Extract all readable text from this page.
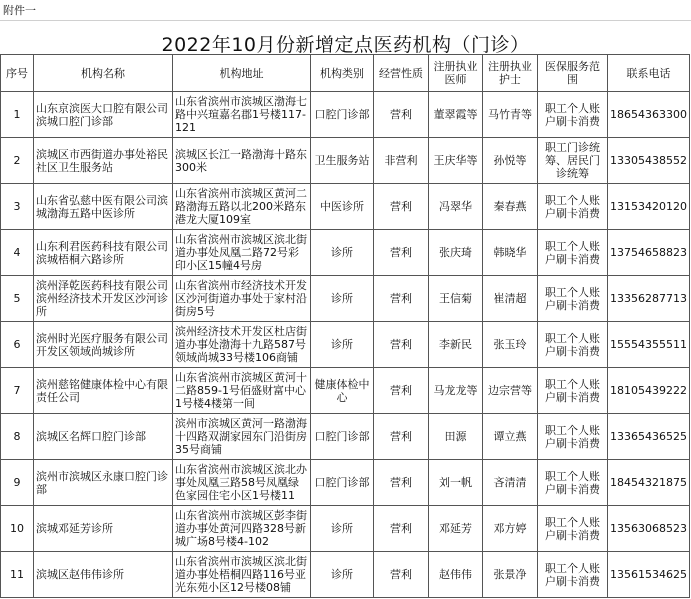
附件一
2022年10月份新增定点医药机构（门诊）
序号	机构名称	机构地址	机构类别	经营性质	注册执业医师	注册执业护士	医保服务范围	联系电话
1	山东京滨医大口腔有限公司滨城口腔门诊部	山东省滨州市滨城区渤海七路中兴瑄嘉名郡1号楼117-121	口腔门诊部	营利	董翠霞等	马竹青等	职工个人账户刷卡消费	18654363300
2	滨城区市西街道办事处裕民社区卫生服务站	滨城区长江一路渤海十路东300米	卫生服务站	非营利	王庆华等	孙悦等	职工门诊统筹、居民门诊统筹	13305438552
3	山东省弘慈中医有限公司滨城渤海五路中医诊所	山东省滨州市滨城区黄河二路渤海五路以北200米路东港龙大厦109室	中医诊所	营利	冯翠华	秦春燕	职工个人账户刷卡消费	13153420120
4	山东利君医药科技有限公司滨城梧桐六路诊所	山东省滨州市滨城区滨北街道办事处凤凰二路72号彩印小区15幢4号房	诊所	营利	张庆琦	韩晓华	职工个人账户刷卡消费	13754658823
5	滨州泽乾医药科技有限公司滨州经济技术开发区沙河诊所	山东省滨州市经济技术开发区沙河街道办事处于家村沿街房5号	诊所	营利	王信菊	崔清超	职工个人账户刷卡消费	13356287713
6	滨州时光医疗服务有限公司开发区领域尚城诊所	滨州经济技术开发区杜店街道办事处渤海十九路587号领域尚城33号楼106商铺	诊所	营利	李新民	张玉玲	职工个人账户刷卡消费	15554355511
7	滨州慈铭健康体检中心有限责任公司	山东省滨州市滨城区黄河十二路859-1号佰盛财富中心1号楼4楼第一间	健康体检中心	营利	马龙龙等	边宗营等	职工个人账户刷卡消费	18105439222
8	滨城区名辉口腔门诊部	滨州市滨城区黄河一路渤海十四路双湖家园东门沿街房35号商铺	口腔门诊部	营利	田源	谭立燕	职工个人账户刷卡消费	13365436525
9	滨州市滨城区永康口腔门诊部	山东省滨州市滨城区滨北办事处凤凰三路58号凤凰绿色家园住宅小区1号楼11	口腔门诊部	营利	刘一帆	吝清清	职工个人账户刷卡消费	18454321875
10	滨城邓延芳诊所	山东省滨州市滨城区彭李街道办事处黄河四路328号新城广场8号楼4-102	诊所	营利	邓延芳	邓方婷	职工个人账户刷卡消费	13563068523
11	滨城区赵伟伟诊所	山东省滨州市滨城区滨北街道办事处梧桐四路116号亚光东苑小区12号楼08铺	诊所	营利	赵伟伟	张景净	职工个人账户刷卡消费	13561534625
